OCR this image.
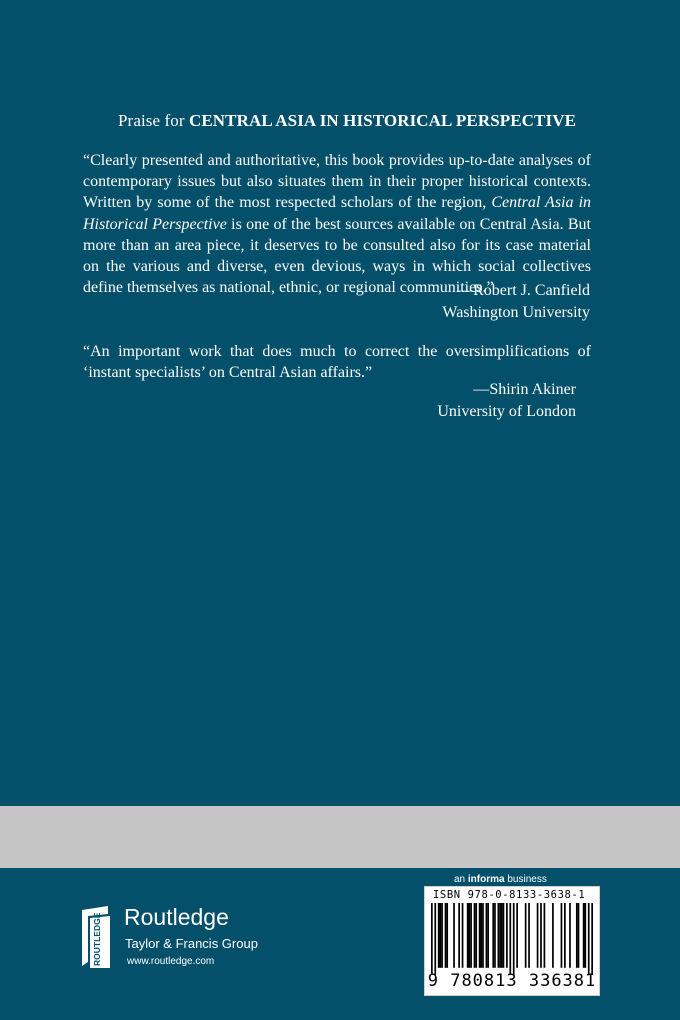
Praise for CENTRAL ASIA IN HISTORICAL PERSPECTIVE

“Clearly presented and authoritative, this book provides up-to-date analyses of contemporary issues but also situates them in their proper historical contexts. Written by some of the most respected scholars of the region, Central Asia in Historical Perspective is one of the best sources available on Central Asia. But more than an area piece, it deserves to be consulted also for its case material on the various and diverse, even devious, ways in which social collectives define themselves as national, ethnic, or regional communities.”

—Robert J. Canfield
Washington University

“An important work that does much to correct the oversimplifications of ‘instant specialists’ on Central Asian affairs.”

—Shirin Akiner
University of London
an informa business
ROUTLEDGE Routledge
Taylor & Francis Group
www.routledge.com
ISBN 978-0-8133-3638-1
9 780813 336381
